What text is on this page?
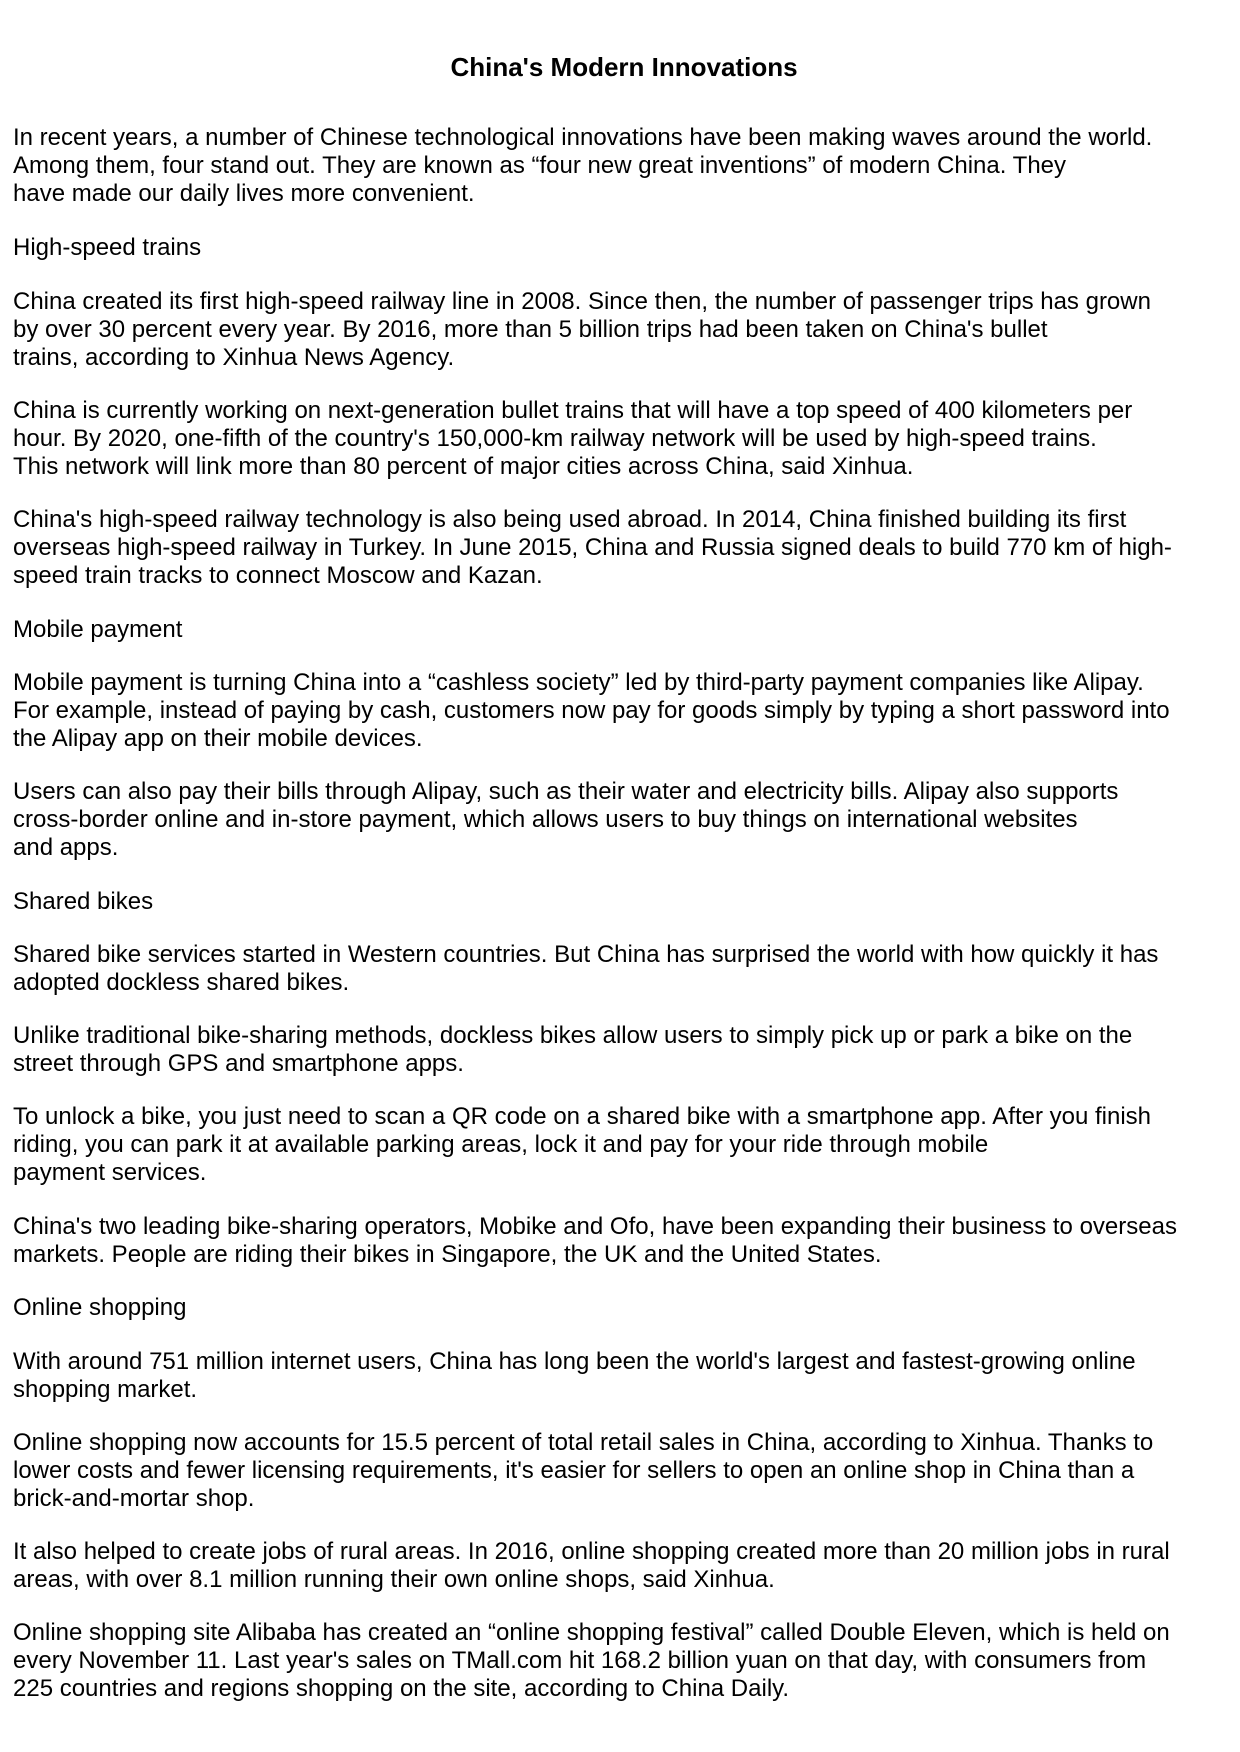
China's Modern Innovations
In recent years, a number of Chinese technological innovations have been making waves around the world.
Among them, four stand out. They are known as “four new great inventions” of modern China. They
have made our daily lives more convenient.
High-speed trains
China created its first high-speed railway line in 2008. Since then, the number of passenger trips has grown
by over 30 percent every year. By 2016, more than 5 billion trips had been taken on China's bullet
trains, according to Xinhua News Agency.
China is currently working on next-generation bullet trains that will have a top speed of 400 kilometers per
hour. By 2020, one-fifth of the country's 150,000-km railway network will be used by high-speed trains.
This network will link more than 80 percent of major cities across China, said Xinhua.
China's high-speed railway technology is also being used abroad. In 2014, China finished building its first
overseas high-speed railway in Turkey. In June 2015, China and Russia signed deals to build 770 km of high-
speed train tracks to connect Moscow and Kazan.
Mobile payment
Mobile payment is turning China into a “cashless society” led by third-party payment companies like Alipay.
For example, instead of paying by cash, customers now pay for goods simply by typing a short password into
the Alipay app on their mobile devices.
Users can also pay their bills through Alipay, such as their water and electricity bills. Alipay also supports
cross-border online and in-store payment, which allows users to buy things on international websites
and apps.
Shared bikes
Shared bike services started in Western countries. But China has surprised the world with how quickly it has
adopted dockless shared bikes.
Unlike traditional bike-sharing methods, dockless bikes allow users to simply pick up or park a bike on the
street through GPS and smartphone apps.
To unlock a bike, you just need to scan a QR code on a shared bike with a smartphone app. After you finish
riding, you can park it at available parking areas, lock it and pay for your ride through mobile
payment services.
China's two leading bike-sharing operators, Mobike and Ofo, have been expanding their business to overseas
markets. People are riding their bikes in Singapore, the UK and the United States.
Online shopping
With around 751 million internet users, China has long been the world's largest and fastest-growing online
shopping market.
Online shopping now accounts for 15.5 percent of total retail sales in China, according to Xinhua. Thanks to
lower costs and fewer licensing requirements, it's easier for sellers to open an online shop in China than a
brick-and-mortar shop.
It also helped to create jobs of rural areas. In 2016, online shopping created more than 20 million jobs in rural
areas, with over 8.1 million running their own online shops, said Xinhua.
Online shopping site Alibaba has created an “online shopping festival” called Double Eleven, which is held on
every November 11. Last year's sales on TMall.com hit 168.2 billion yuan on that day, with consumers from
225 countries and regions shopping on the site, according to China Daily.
